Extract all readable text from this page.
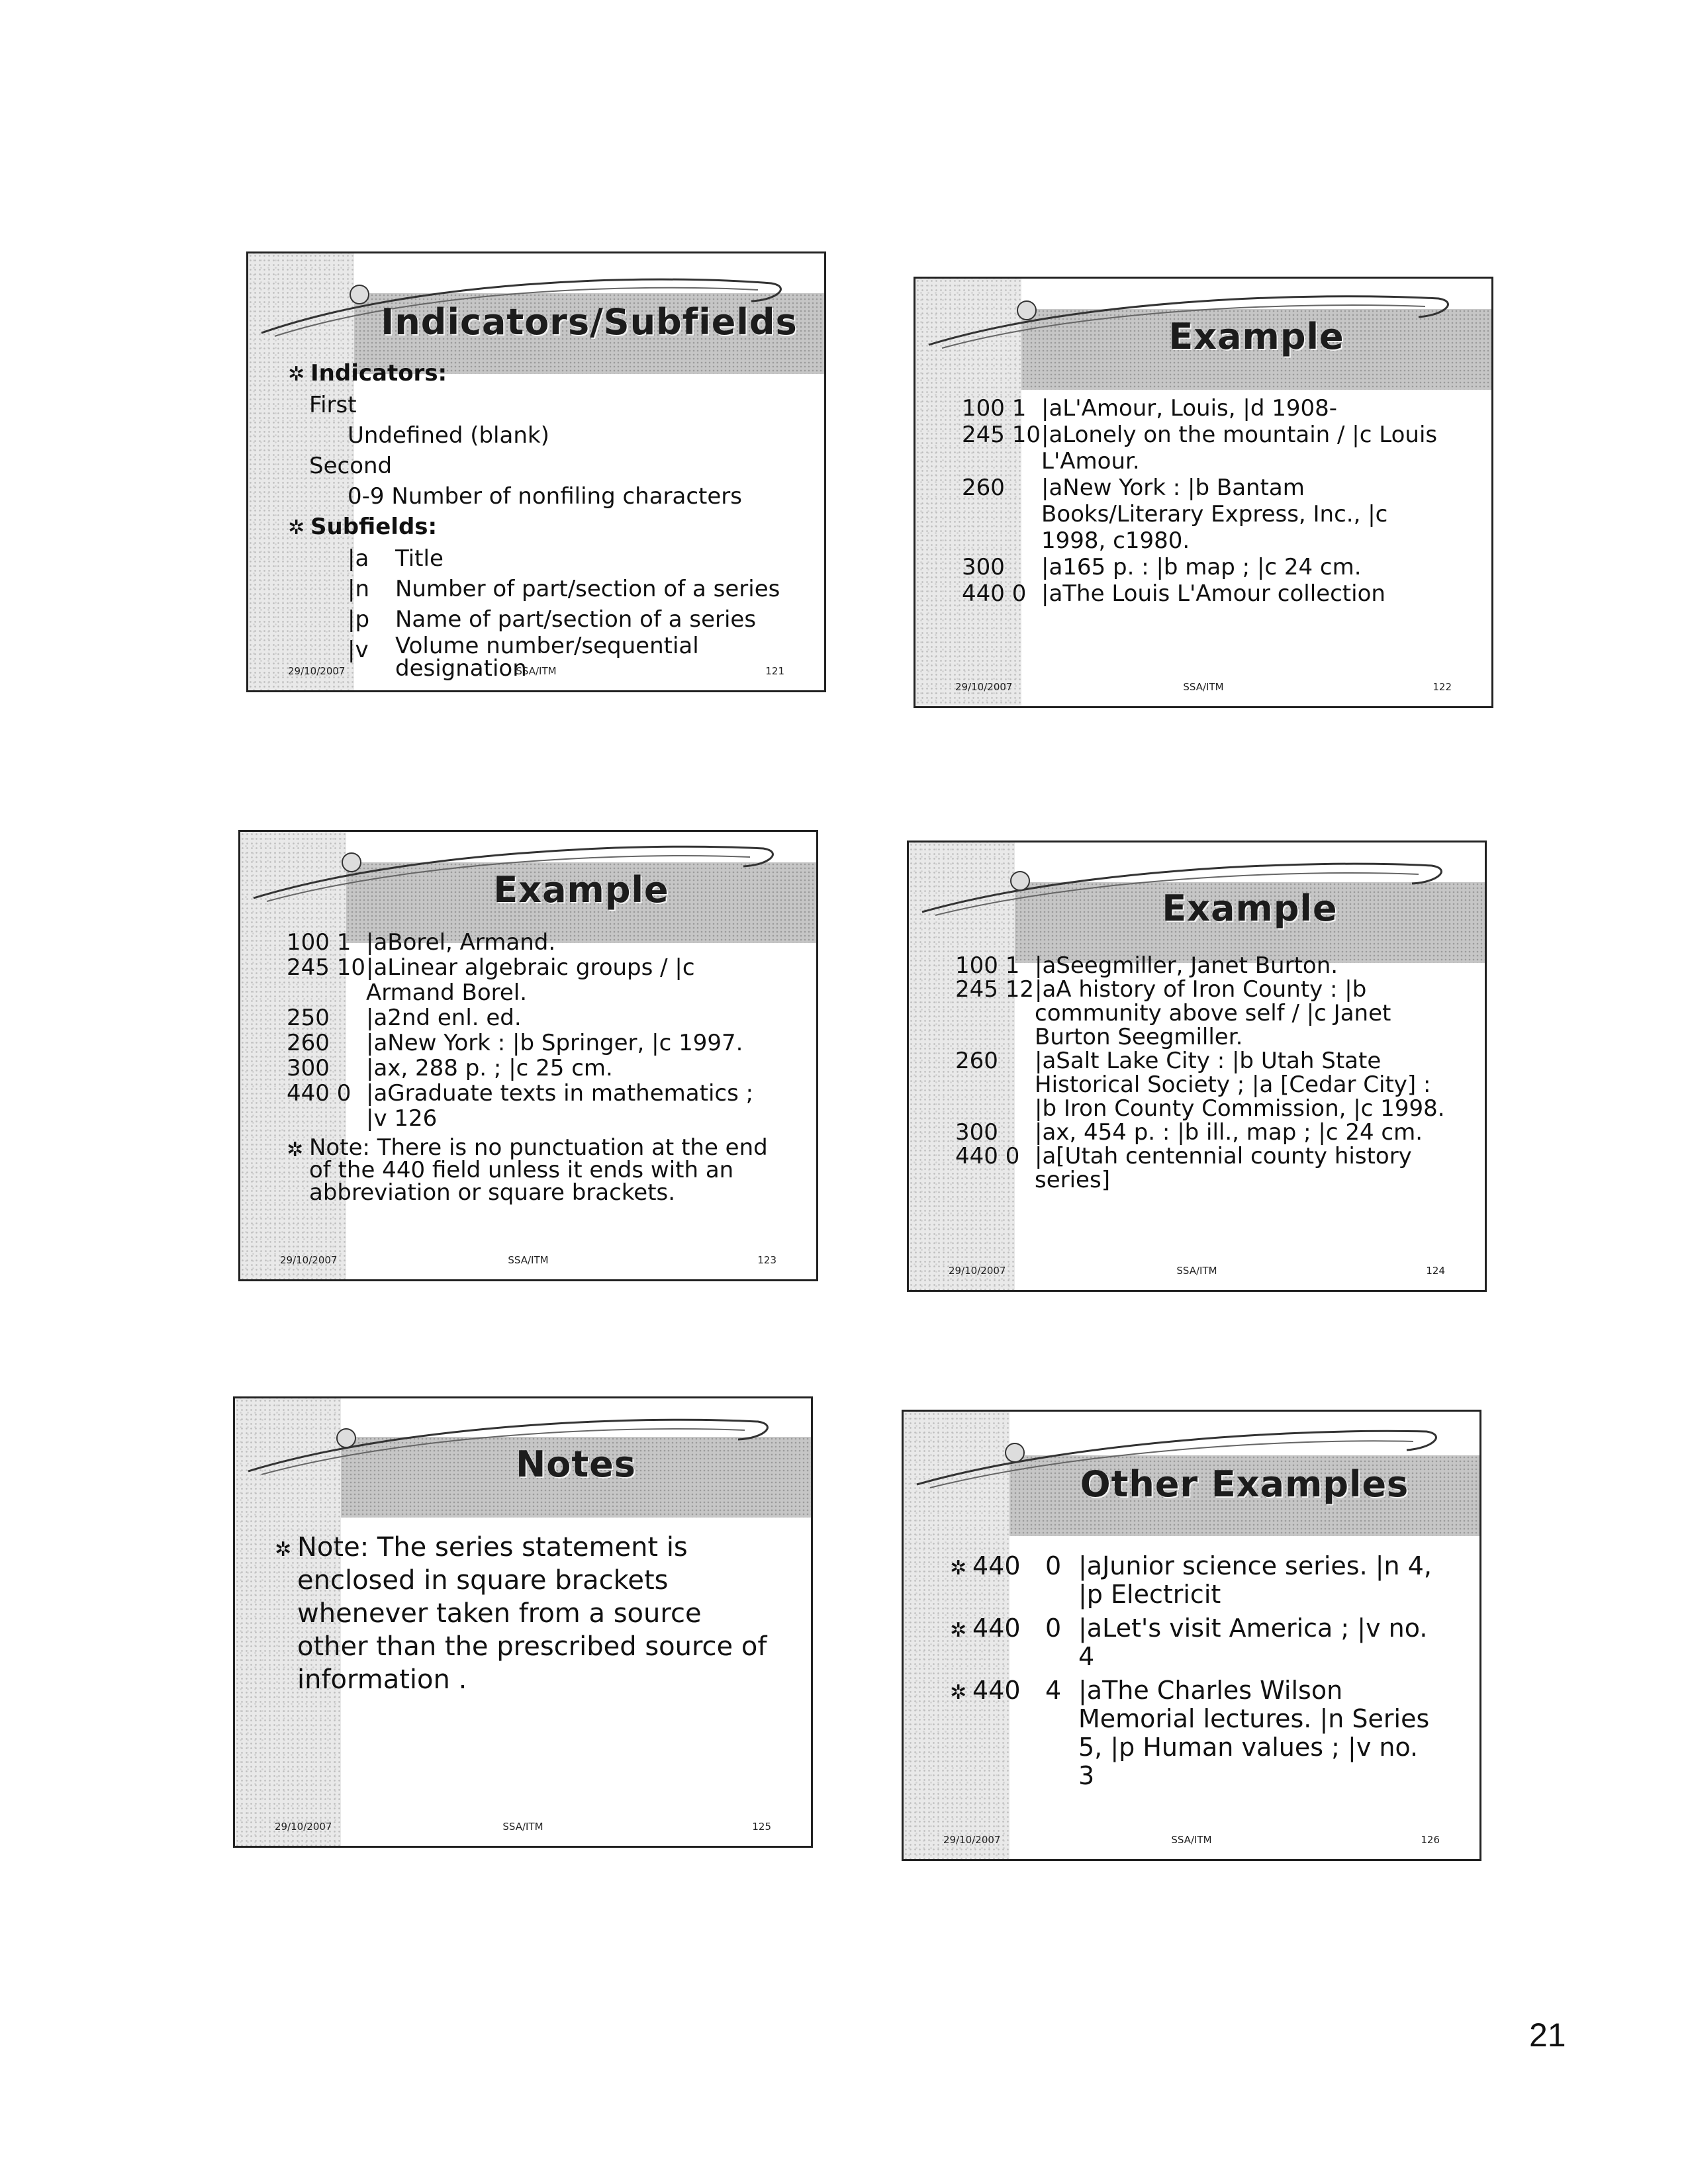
Indicators/Subfields
✲ Indicators:
First
Undefined (blank)
Second
0-9 Number of nonfiling characters
✲ Subfields:
|a Title
|n Number of part/section of a series
|p Name of part/section of a series
|v Volume number/sequential designation
29/10/2007	SSA/ITM	121
Example
100 1 |aL'Amour, Louis, |d 1908-
245 10|aLonely on the mountain / |c Louis L'Amour.
260 |aNew York : |b Bantam Books/Literary Express, Inc., |c 1998, c1980.
300 |a165 p. : |b map ; |c 24 cm.
440 0 |aThe Louis L'Amour collection
29/10/2007	SSA/ITM	122
Example
100 1 |aBorel, Armand.
245 10|aLinear algebraic groups / |c Armand Borel.
250 |a2nd enl. ed.
260 |aNew York : |b Springer, |c 1997.
300 |ax, 288 p. ; |c 25 cm.
440 0 |aGraduate texts in mathematics ; |v 126
✲ Note: There is no punctuation at the end of the 440 field unless it ends with an abbreviation or square brackets.
29/10/2007	SSA/ITM	123
Example
100 1 |aSeegmiller, Janet Burton.
245 12|aA history of Iron County : |b community above self / |c Janet Burton Seegmiller.
260 |aSalt Lake City : |b Utah State Historical Society ; |a [Cedar City] : |b Iron County Commission, |c 1998.
300 |ax, 454 p. : |b ill., map ; |c 24 cm.
440 0 |a[Utah centennial county history series]
29/10/2007	SSA/ITM	124
Notes
✲ Note: The series statement is enclosed in square brackets whenever taken from a source other than the prescribed source of information .
29/10/2007	SSA/ITM	125
Other Examples
✲ 440 0 |aJunior science series. |n 4, |p Electricit
✲ 440 0 |aLet's visit America ; |v no. 4
✲ 440 4 |aThe Charles Wilson Memorial lectures. |n Series 5, |p Human values ; |v no. 3
29/10/2007	SSA/ITM	126
21
